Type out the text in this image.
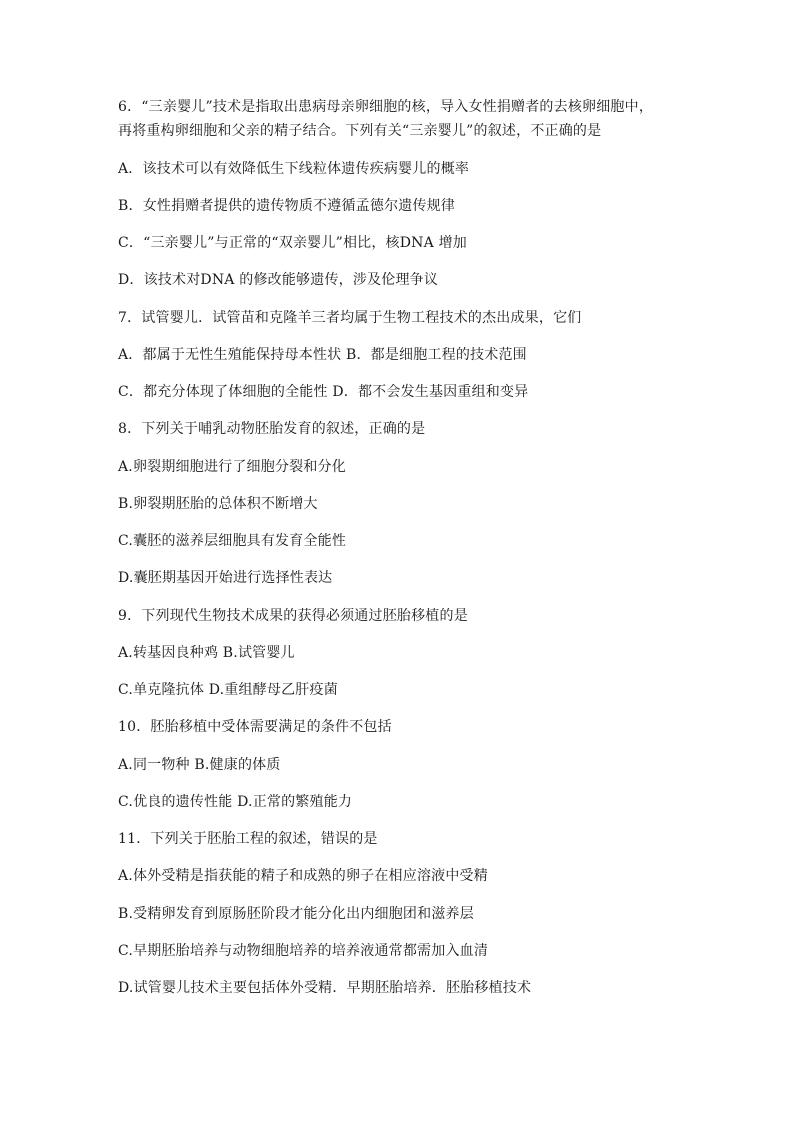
6．“三亲婴儿”技术是指取出患病母亲卵细胞的核，导入女性捐赠者的去核卵细胞中，
再将重构卵细胞和父亲的精子结合。下列有关“三亲婴儿”的叙述，不正确的是
A．该技术可以有效降低生下线粒体遗传疾病婴儿的概率
B．女性捐赠者提供的遗传物质不遵循孟德尔遗传规律
C．“三亲婴儿”与正常的“双亲婴儿”相比，核DNA 增加
D．该技术对DNA 的修改能够遗传，涉及伦理争议
7．试管婴儿．试管苗和克隆羊三者均属于生物工程技术的杰出成果，它们
A．都属于无性生殖能保持母本性状 B．都是细胞工程的技术范围
C．都充分体现了体细胞的全能性 D．都不会发生基因重组和变异
8．下列关于哺乳动物胚胎发育的叙述，正确的是
A.卵裂期细胞进行了细胞分裂和分化
B.卵裂期胚胎的总体积不断增大
C.囊胚的滋养层细胞具有发育全能性
D.囊胚期基因开始进行选择性表达
9．下列现代生物技术成果的获得必须通过胚胎移植的是
A.转基因良种鸡 B.试管婴儿
C.单克隆抗体 D.重组酵母乙肝疫菌
10．胚胎移植中受体需要满足的条件不包括
A.同一物种 B.健康的体质
C.优良的遗传性能 D.正常的繁殖能力
11．下列关于胚胎工程的叙述，错误的是
A.体外受精是指获能的精子和成熟的卵子在相应溶液中受精
B.受精卵发育到原肠胚阶段才能分化出内细胞团和滋养层
C.早期胚胎培养与动物细胞培养的培养液通常都需加入血清
D.试管婴儿技术主要包括体外受精．早期胚胎培养．胚胎移植技术
